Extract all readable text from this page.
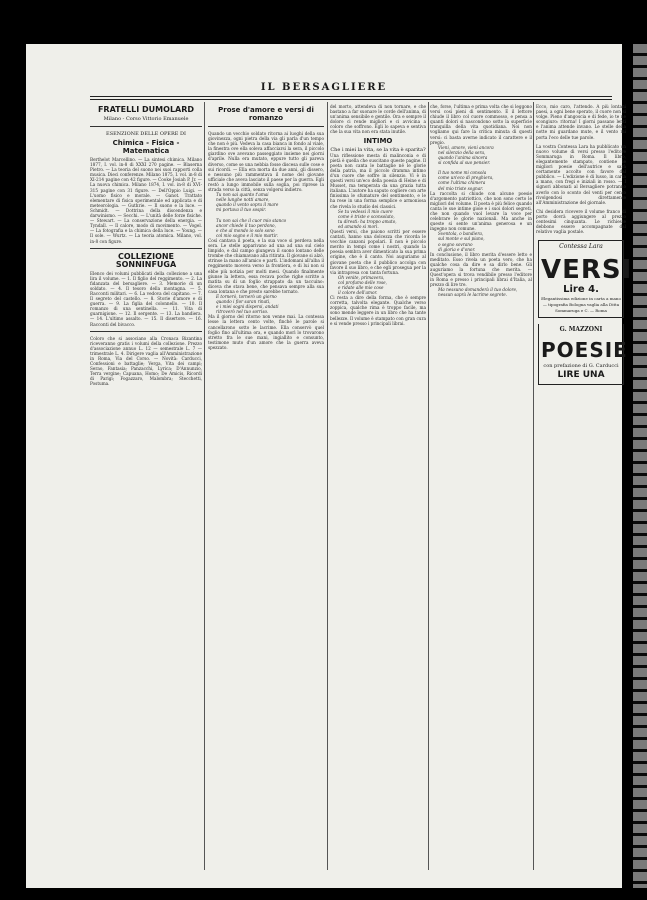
IL BERSAGLIERE
FRATELLI DUMOLARD
Milano - Corso Vittorio Emanuele
ESENZIONE DELLE OPERE DI
Chimica - Fisica - Matematica
Berthelot Marcellino. — La sintesi chimica. Milano 1877, I. vol. in-8 di XXXI 270 pagine. — Blaserna Pietro. — La teoria del suono nei suoi rapporti colla musica. Dieci conferenze. Milano 1875, I. vol. in-8 di XI-214 pagine con 42 figure. — Cooke Josiah P. Jr. — La nuova chimica. Milano 1874, I. vol. in-8 di XVI-315 pagine con 31 figure. — Dell'Oppio Luigi. — L'uomo fisico e morale. — Ganot. Trattato elementare di fisica sperimentale ed applicata e di meteorologia. — Guthrie. — Il suono e la luce. — Schmidt. — Dottrina della discendenza e darwinismo. — Secchi. — L'unità delle forze fisiche. — Stewart. — La conservazione della energia. — Tyndall. — Il calore, modo di movimento. — Vogel. — La fotografia e la chimica della luce. — Young. — Il sole. — Wurtz. — La teoria atomica. Milano, vol. in-8 con figure.
COLLEZIONE SONNINFUGA
Elenco dei volumi pubblicati della collezione a una lira il volume. — 1. Il figlio del reggimento. — 2. La fidanzata del bersagliere. — 3. Memorie di un soldato. — 4. Il tesoro della montagna. — 5. Racconti militari. — 6. La vedova del capitano. — 7. Il segreto del castello. — 8. Storie d'amore e di guerra. — 9. La figlia del colonnello. — 10. Il romanzo di una sentinella. — 11. Vita di guarnigione. — 12. Il sergente. — 13. La bandiera. — 14. L'ultimo assalto. — 15. Il disertore. — 16. Racconti del bivacco.
Coloro che si associano alla Cronaca Bizantina riceveranno gratis i volumi della collezione. Prezzo d'associazione annuo L. 12 — semestrale L. 7 — trimestrale L. 4. Dirigere vaglia all'Amministrazione in Roma, Via del Corso. — Novità: Carducci, Confessioni e battaglie; Verga, Vita dei campi; Serao, Fantasia; Panzacchi, Lyrica; D'Annunzio, Terra vergine; Capuana, Homo; De Amicis, Ricordi di Parigi; Fogazzaro, Malombra; Stecchetti, Postuma.
Prose d'amore e versi di romanzo
Quando un vecchio soldato ritorna ai luoghi della sua giovinezza, ogni pietra della via gli parla d'un tempo che non è più. Vedeva la casa bianca in fondo al viale, la finestra ove ella soleva affacciarsi la sera, il piccolo giardino ove avevano passeggiato insieme nei giorni d'aprile. Nulla era mutato, eppure tutto gli pareva diverso, come se una nebbia fosse discesa sulle cose e sui ricordi. — Ella era morta da due anni, gli dissero, e nessuno più rammentava il nome del giovane ufficiale che aveva lasciato il paese per la guerra. Egli restò a lungo immobile sulla soglia, poi riprese la strada verso la città, senza volgersi indietro.
Tu non sai quanto t'amai
nelle lunghe notti amare,
quando il vento sopra il mare
mi portava il tuo sospir.

Tu non sai che il cuor mio stanco
ancor chiede il tuo perdono,
e che al mondo io solo sono
col mio sogno e il mio martir.
Così cantava il poeta, e la sua voce si perdeva nella sera. Le stelle apparivano ad una ad una sul cielo limpido, e dal campo giungeva il suono lontano delle trombe che chiamavano alla ritirata. Il giovane si alzò, strinse la mano all'amico e partì. L'indomani all'alba il reggimento moveva verso la frontiera, e di lui non si ebbe più notizia per molti mesi. Quando finalmente giunse la lettera, essa recava poche righe scritte a matita su di un foglio strappato da un taccuino: diceva che stava bene, che pensava sempre alla sua casa lontana e che presto sarebbe tornato.
E tornerò, tornerò un giorno
quando i fior saran rinati,
e i miei sogni dispersi, andati
ritroverò nel tuo sorriso.
Ma il giorno del ritorno non venne mai. La contessa lesse la lettera cento volte, finché le parole si cancellarono sotto le lacrime. Ella conservò quel foglio fino all'ultima ora, e quando morì lo trovarono stretto fra le sue mani, ingiallito e consunto, testimone muto d'un amore che la guerra aveva spezzato.
del morto, attendeva di non tornare, e che bastano a far suonare le corde dell'anima, di un'anima sensibile e gentile. Ora e sempre il dolore ci rende migliori e ci avvicina a coloro che soffrono. Egli lo sapeva e sentiva che la sua vita non era stata inutile.
INTIMO
Che i miei la vita, se la vita è sparita?
Una riflessione mesta di malinconia e di pietà è quella che suscitano queste pagine. Il poeta non canta le battaglie né le glorie della patria, ma il piccolo dramma intimo d'un cuore che soffre in silenzio. Vi è in questi versi un'eco della poesia di Heine e di Musset, ma temperata da una grazia tutta italiana. L'autore ha saputo cogliere con arte finissima le sfumature del sentimento, e le ha rese in una forma semplice e armoniosa che rivela lo studio dei classici.
Se tu vedessi il mio cuore
come è triste e sconsolato,
tu diresti: ha troppo amato,
ed amando si morì.
Questi versi, che paiono scritti per essere cantati, hanno una dolcezza che ricorda le vecchie canzoni popolari. E non è piccolo merito in tempi come i nostri, quando la poesia sembra aver dimenticato la sua prima origine, che è il canto. Noi auguriamo al giovane poeta che il pubblico accolga con favore il suo libro, e che egli prosegua per la via intrapresa con tanta fortuna.
Oh venite, primavera,
col profumo delle rose,
e ridate alle mie cose
il colore dell'amor.
Ci resta a dire della forma, che è sempre corretta, talvolta elegante. Qualche verso zoppica, qualche rima è troppo facile, ma sono mende leggere in un libro che ha tante bellezze. Il volume è stampato con gran cura e si vende presso i principali librai.
che, forse, l'ultima e prima volta che si leggono versi così pieni di sentimento. E il lettore chiude il libro col cuore commosso, e pensa a quanti dolori si nascondono sotto la superficie tranquilla della vita quotidiana. Noi non vogliamo qui fare la critica minuta di questi versi: ci basta averne indicato il carattere e il pregio.
Vieni, amore, vieni ancora
nel silenzio della sera,
quando l'anima sincera
si confida al suo pensier.

Il tuo nome mi consola
come un'eco di preghiera,
come l'ultima chimera
del mio triste sognar.
La raccolta si chiude con alcune poesie d'argomento patriottico, che non sono certo le migliori del volume. Il poeta è più felice quando canta le sue intime gioie e i suoi dolori segreti, che non quando vuol levare la voce per celebrare le glorie nazionali. Ma anche in queste si sente un'anima generosa e un ingegno non comune.
Sventola, o bandiera,
sul monte e sul piano,
o segno sovrano
di gloria e d'onor.
In conclusione, il libro merita d'essere letto e meditato. Esso rivela un poeta vero, che ha qualche cosa da dire e sa dirlo bene. Gli auguriamo la fortuna che merita. — Quest'opera si trova vendibile presso l'editore in Roma e presso i principali librai d'Italia, al prezzo di lire tre.
Ma nessuno domanderà il tuo dolore,
nessun saprà le lacrime segrete.
Ecco, mio caro, l'attendo. A più lontani paesi, a ogni bene sperato, il cuore non si volge. Pieno d'angoscia e di fede, io te ne scongiuro: ritorna! I giorni passano lenti e l'anima attende invano. Le stelle della notte mi guardano mute, e il vento mi porta l'eco delle tue parole.
La vostra Contessa Lara ha pubblicato un nuovo volume di versi presso l'editore Sommaruga in Roma. Il libro, elegantemente stampato, contiene le migliori poesie dell'autrice e sarà certamente accolto con favore dal pubblico. — L'edizione è di lusso, in carta a mano, con fregi e iniziali in rosso. — I signori abbonati al Bersagliere potranno averlo con lo sconto del venti per cento rivolgendosi direttamente all'Amministrazione del giornale.
Chi desidera ricevere il volume franco di porto dovrà aggiungere al prezzo centesimi cinquanta. Le richieste debbono essere accompagnate dal relativo vaglia postale.
Contessa Lara
VERSI
Lire 4.
Elegantissima edizione in carta a mano — tipografia Bologna vaglia alla Ditta Sommaruga e C. — Roma
G. MAZZONI
POESIE
con prefazione di G. Carducci
LIRE UNA
